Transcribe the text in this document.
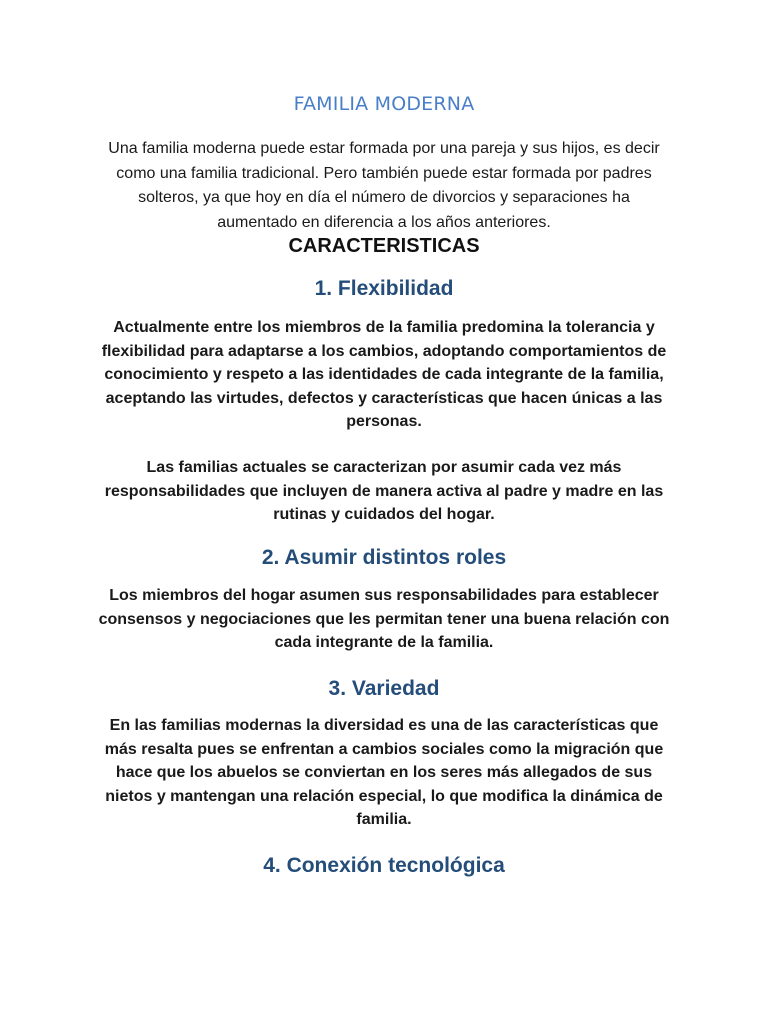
FAMILIA MODERNA
Una familia moderna puede estar formada por una pareja y sus hijos, es decir como una familia tradicional. Pero también puede estar formada por padres solteros, ya que hoy en día el número de divorcios y separaciones ha aumentado en diferencia a los años anteriores.
CARACTERISTICAS
1. Flexibilidad
Actualmente entre los miembros de la familia predomina la tolerancia y flexibilidad para adaptarse a los cambios, adoptando comportamientos de conocimiento y respeto a las identidades de cada integrante de la familia, aceptando las virtudes, defectos y características que hacen únicas a las personas.
Las familias actuales se caracterizan por asumir cada vez más responsabilidades que incluyen de manera activa al padre y madre en las rutinas y cuidados del hogar.
2. Asumir distintos roles
Los miembros del hogar asumen sus responsabilidades para establecer consensos y negociaciones que les permitan tener una buena relación con cada integrante de la familia.
3. Variedad
En las familias modernas la diversidad es una de las características que más resalta pues se enfrentan a cambios sociales como la migración que hace que los abuelos se conviertan en los seres más allegados de sus nietos y mantengan una relación especial, lo que modifica la dinámica de familia.
4. Conexión tecnológica
